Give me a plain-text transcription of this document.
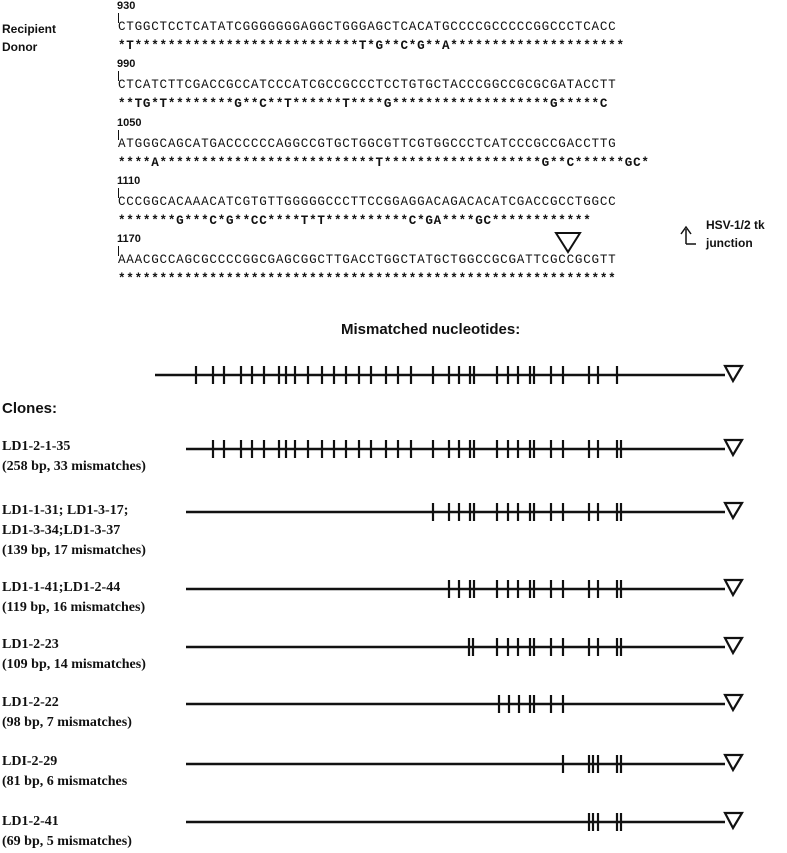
Recipient
Donor
930
CTGGCTCCTCATATCGGGGGGGAGGCTGGGAGCTCACATGCCCCGCCCCCGGCCCTCACC
*T***************************T*G**C*G**A*********************
990
CTCATCTTCGACCGCCATCCCATCGCCGCCCTCCTGTGCTACCCGGCCGCGCGATACCTT
**TG*T********G**C**T******T****G*******************G*****C
1050
ATGGGCAGCATGACCCCCCAGGCCGTGCTGGCGTTCGTGGCCCTCATCCCGCCGACCTTG
****A**************************T*******************G**C******GC*
1110
CCCGGCACAAACATCGTGTTGGGGGCCCTTCCGGAGGACAGACACATCGACCGCCTGGCC
*******G***C*G**CC****T*T**********C*GA****GC************
1170
AAACGCCAGCGCCCCGGCGAGCGGCTTGACCTGGCTATGCTGGCCGCGATTCGCCGCGTT
************************************************************
HSV-1/2 tk
junction
Mismatched nucleotides:
Clones:
LD1-2-1-35
(258 bp, 33 mismatches)
LD1-1-31; LD1-3-17;
LD1-3-34;LD1-3-37
(139 bp, 17 mismatches)
LD1-1-41;LD1-2-44
(119 bp, 16 mismatches)
LD1-2-23
(109 bp, 14 mismatches)
LD1-2-22
(98 bp, 7 mismatches)
LDI-2-29
(81 bp, 6 mismatches
LD1-2-41
(69 bp, 5 mismatches)
